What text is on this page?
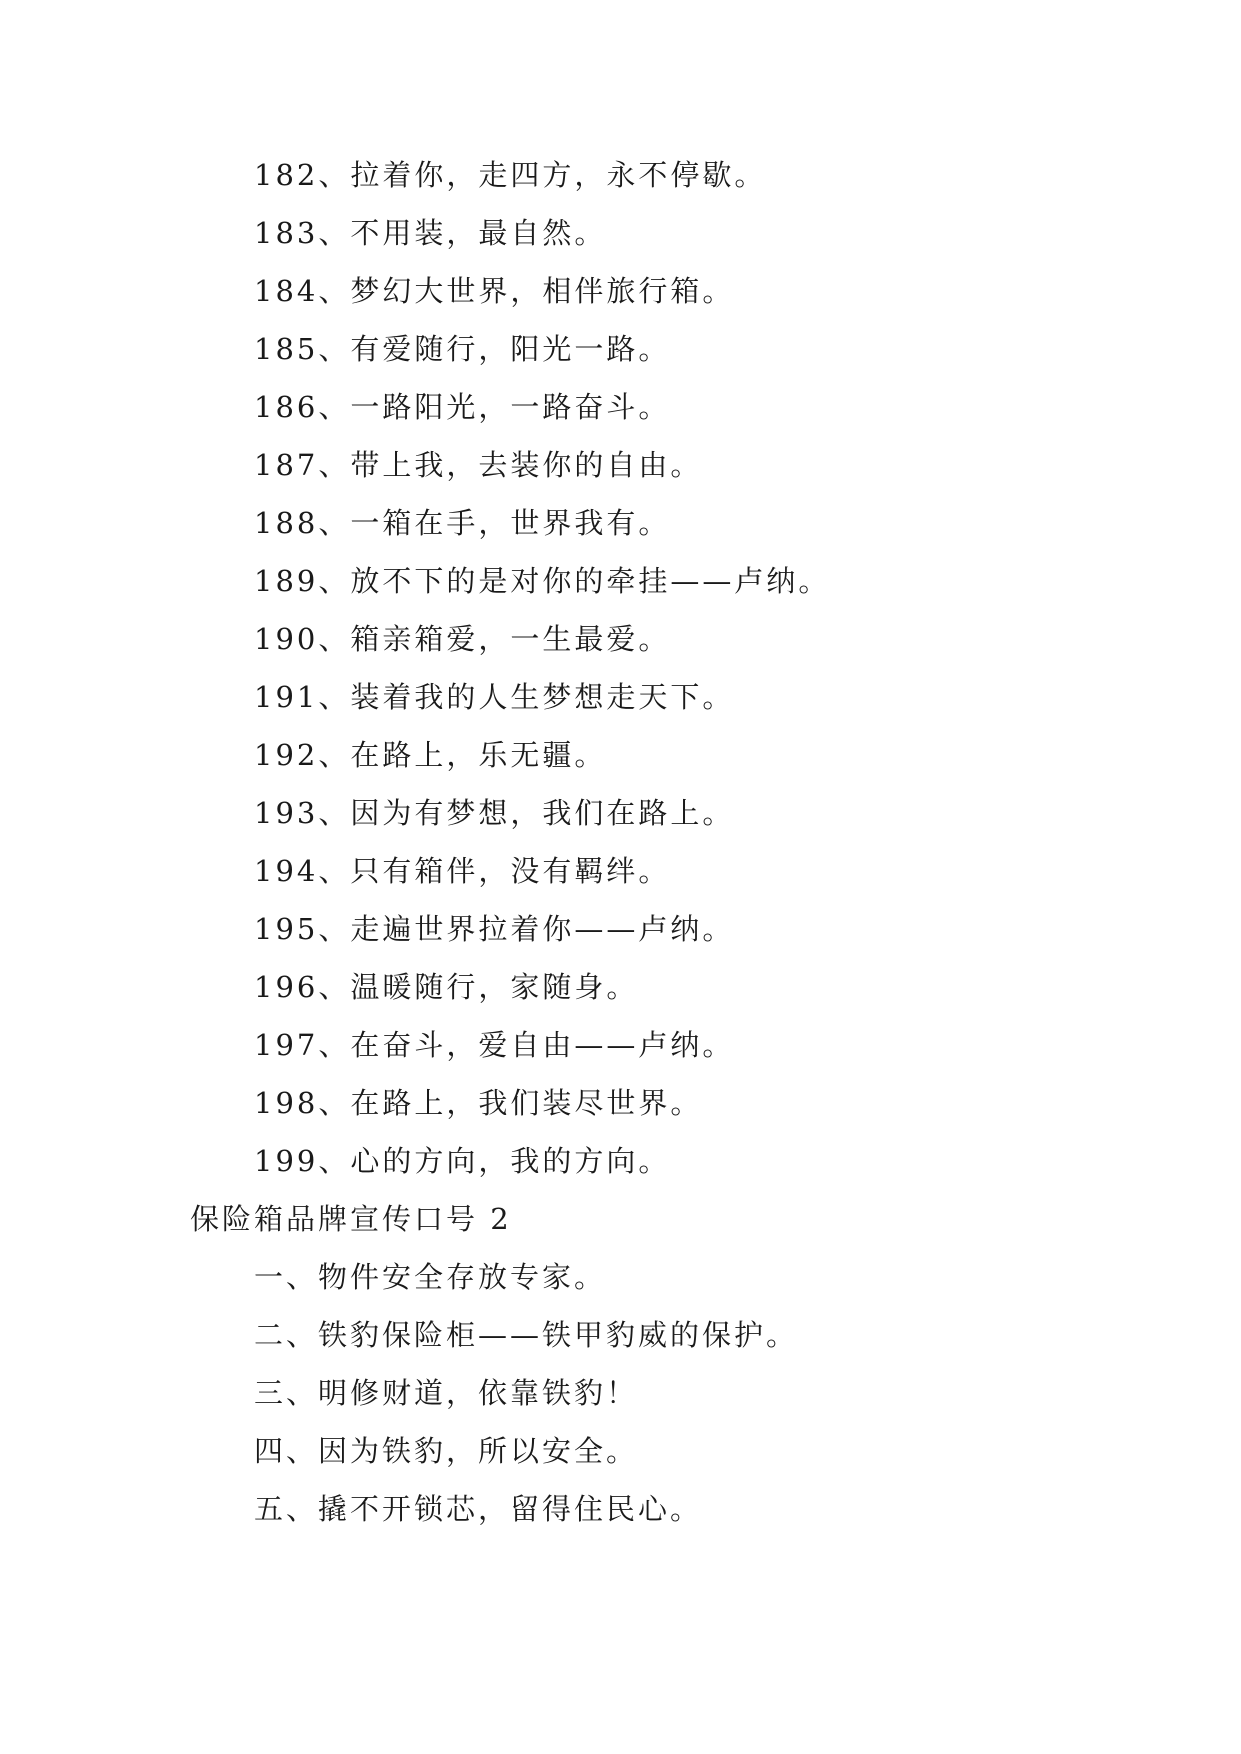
182、拉着你，走四方，永不停歇。
183、不用装，最自然。
184、梦幻大世界，相伴旅行箱。
185、有爱随行，阳光一路。
186、一路阳光，一路奋斗。
187、带上我，去装你的自由。
188、一箱在手，世界我有。
189、放不下的是对你的牵挂——卢纳。
190、箱亲箱爱，一生最爱。
191、装着我的人生梦想走天下。
192、在路上，乐无疆。
193、因为有梦想，我们在路上。
194、只有箱伴，没有羁绊。
195、走遍世界拉着你——卢纳。
196、温暖随行，家随身。
197、在奋斗，爱自由——卢纳。
198、在路上，我们装尽世界。
199、心的方向，我的方向。
保险箱品牌宣传口号 2
一、物件安全存放专家。
二、铁豹保险柜——铁甲豹威的保护。
三、明修财道，依靠铁豹！
四、因为铁豹，所以安全。
五、撬不开锁芯，留得住民心。
